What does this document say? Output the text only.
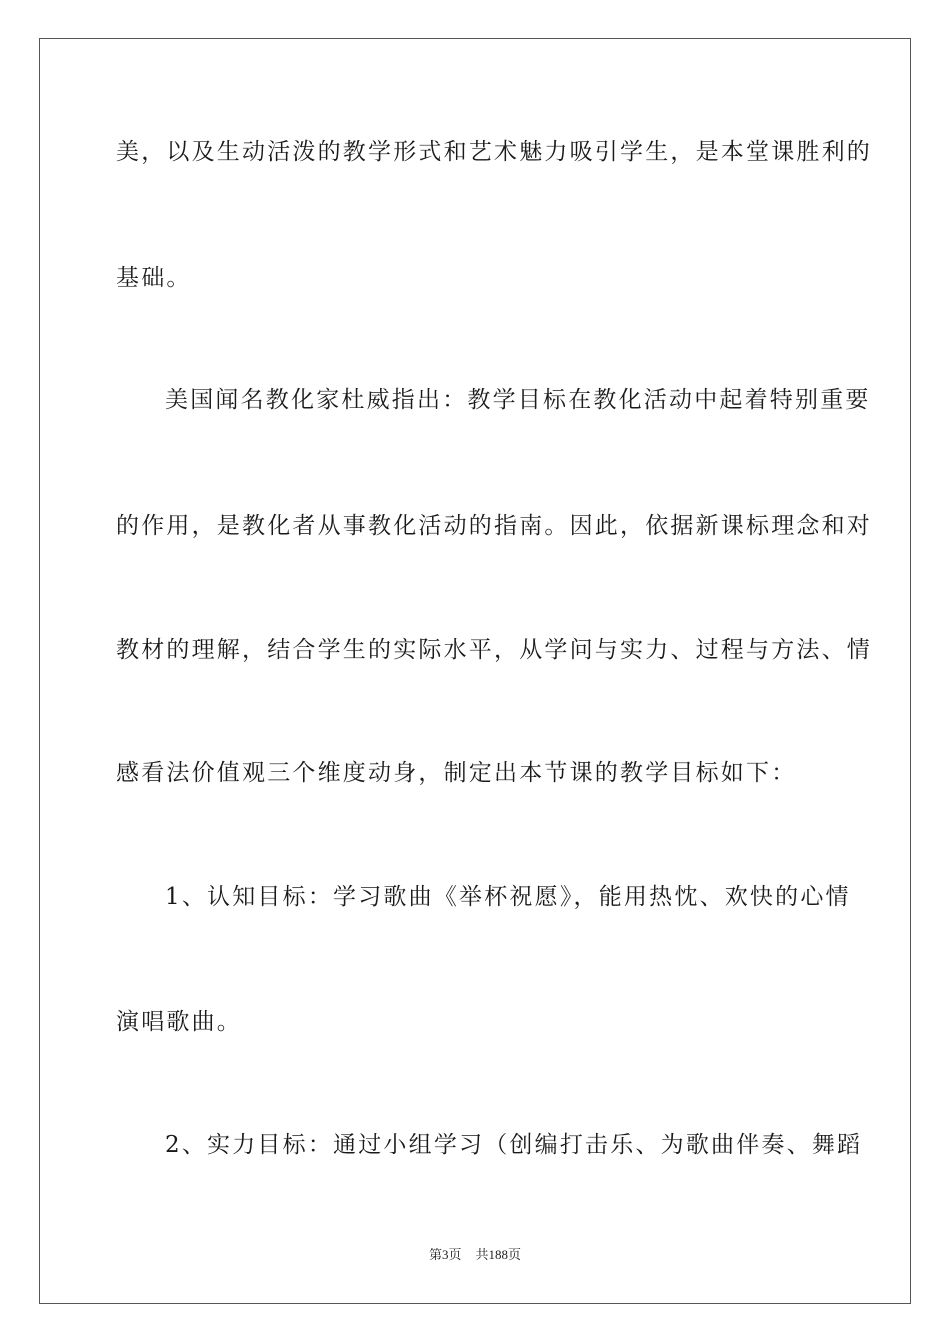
美，以及生动活泼的教学形式和艺术魅力吸引学生，是本堂课胜利的
基础。
美国闻名教化家杜威指出：教学目标在教化活动中起着特别重要
的作用，是教化者从事教化活动的指南。因此，依据新课标理念和对
教材的理解，结合学生的实际水平，从学问与实力、过程与方法、情
感看法价值观三个维度动身，制定出本节课的教学目标如下：
1、认知目标：学习歌曲《举杯祝愿》，能用热忱、欢快的心情
演唱歌曲。
2、实力目标：通过小组学习（创编打击乐、为歌曲伴奏、舞蹈
第3页 共188页
